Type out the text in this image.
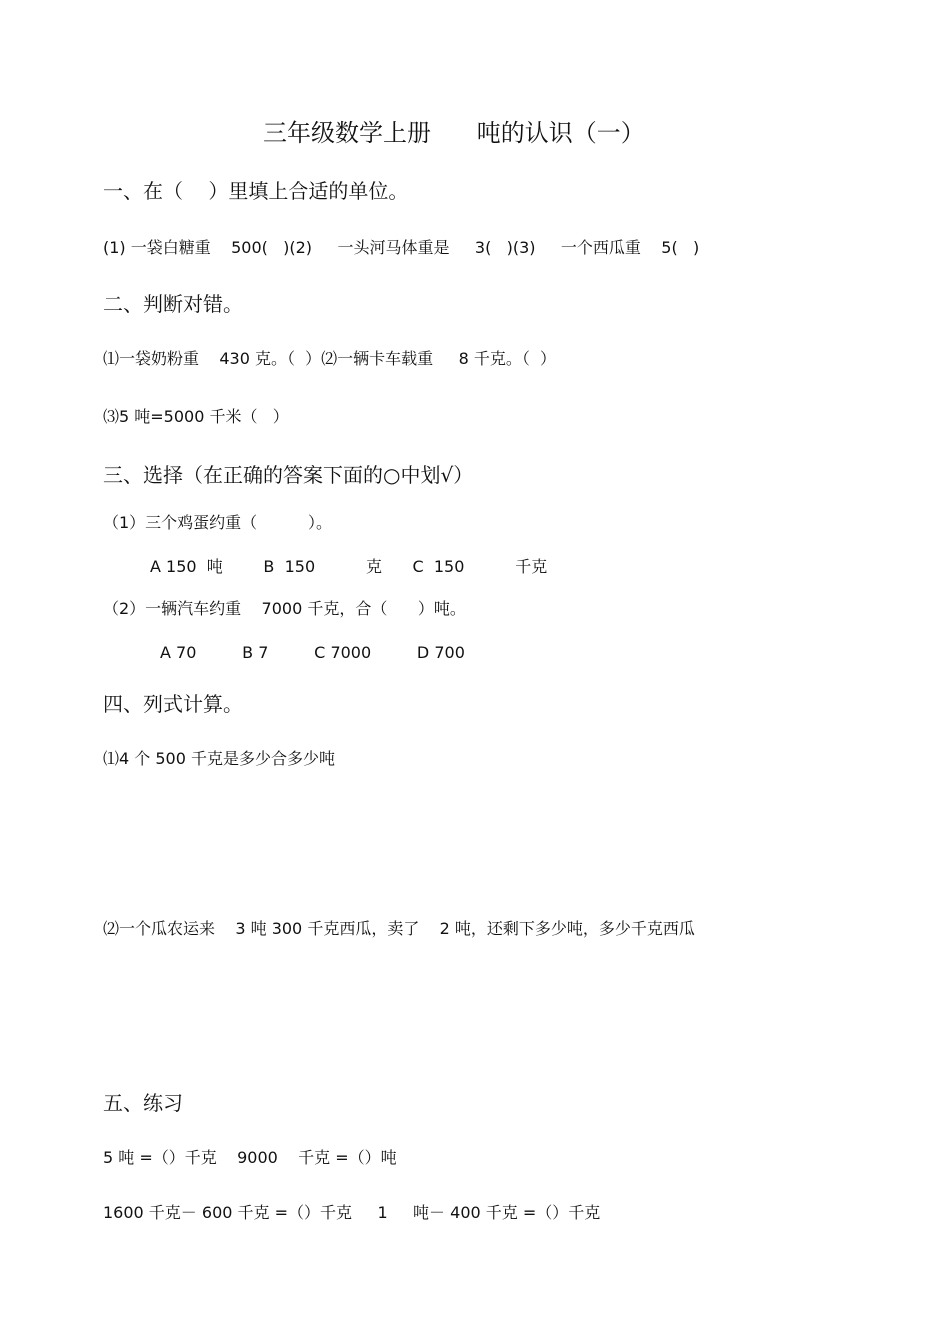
三年级数学上册      吨的认识（一）
一、在（    ）里填上合适的单位。
(1) 一袋白糖重    500(   )(2)     一头河马体重是     3(   )(3)     一个西瓜重    5(   )
二、判断对错。
⑴一袋奶粉重    430 克。（  ）⑵一辆卡车载重     8 千克。（  ）
⑶5 吨=5000 千米（   ）
三、选择（在正确的答案下面的○中划√）
（1）三个鸡蛋约重（          ）。
A 150  吨        B  150          克      C  150          千克
（2）一辆汽车约重    7000 千克，合（      ）吨。
A 70         B 7         C 7000         D 700
四、列式计算。
⑴4 个 500 千克是多少合多少吨
⑵一个瓜农运来    3 吨 300 千克西瓜，卖了    2 吨，还剩下多少吨，多少千克西瓜
五、练习
5 吨 =（）千克    9000    千克 =（）吨
1600 千克－ 600 千克 =（）千克     1     吨－ 400 千克 =（）千克
